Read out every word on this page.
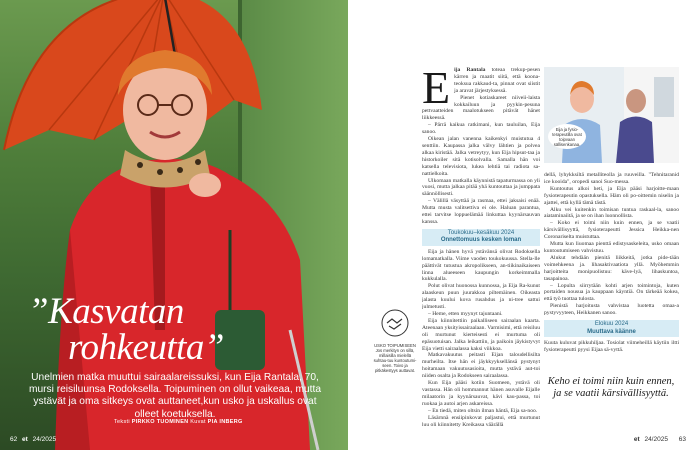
”Kasvatan
rohkeutta”
Unelmien matka muuttui sairaalareissuksi, kun Eija Rantala, 70, mursi reisiluunsa Rodoksella. Toipuminen on ollut vaikeaa, mutta ystävät ja oma sitkeys ovat auttaneet,kun usko ja uskallus ovat olleet koetuksella.
Teksti PIRKKO TUOMINEN Kuvat PIA INBERG
62 et 24/2025
E ija Rantala toteaa trekup-pesen kärren ja maatit siitä, että koona-teoksua rakkaud-ta, pinnat ovat siistit ja aravat järjestyksessä.

Pienet kotiaskareet niiveii-laista kokkailuun ja pyykin-pesuna pettvaatteiden maalotukseen pitävät hänet liikkeessä.

– Pärrä kaikua ratkimani, kun tauluilan, Eija sanoo.

Oikean jalan vanenna kaikenkyi muistutua 4 senttiin. Kaupassa jalka välvy lähtien ja polvea alkaa kiristää. Jalka vetreytyy, kun Eija hipsut-taa ja historkoiler sitä kotisolvalla. Samalla hän voi katsella televisiota, lukea lehtiä tai radiota sa-nattielkoita.

Ulkomaan matkalla käynnistä tapaturmassa on yli vuosi, mutta jalkaa pitää yhä kuntouttaa ja jumppata säännöllisesti.

– Välillä väsyttää ja rasmaa, ettei jaksaisi enää. Mutta musta valitsettiva ei ole. Haluan parantua, ettei tarvitse loppuelämää linkuttaa kyynärsauvan kanssa.

Toukokuu–kesäkuu 2024
Onnettomuus kesken loman

Eija ja hänen hyvä ystävänsä olivat Rodoksella lomamatkalla. Viime vaoden toukokuussa. Stella-lle päättivät tutustua akropolikseen, an-tiikinaikaiseen linna alueeseen kaupungin korkeimmalla kukkulalla.

Polut olivat huonossa kunnossa, ja Eija Ra-kunut alaaskeun puun juurakkoa piltemäinen. Oikeasta jalasta kuului kova rusahdus ja ni-tree sattui julmetusti.

– Heme, etten myynyt tajuntaani.

Eija kiinnitettiin paikalliseen sairaalan kaarta. Ateenaan yksityissairaalaan. Varmisimi, että reisiluu oli murtunut kierteisesti ei murtuma oli epäsuotuisan. Jalka leikattiin, ja paikoin jäykistyvyt Eija vietti sairaalassa kaksi viikkoa.

Matkavakuutus peitasti Eijan taloudellisilta murheilta. Itse hän ei jäykkyyksellänsä pystynyt hoitamaan vakuutusasioita, mutta ystävä aut-toi niiden osalta ja Rodokseen sairaalassa.

Kun Eija pääsi kotiin Suomeen, ystävä oli vastassa. Hän oli hommannut hänen asuvalle Eijalle milaatorin ja kyynärsauvat, kävi kau-passa, toi ruokaa ja autoi arjen askareissa.

– En tiedä, miten oltsin ilman häntä, Eija sa-noo.

Läsärnnä ensiipinkovat paljastui, että murtunut luu oli kiinnitetty Kreikassa väärällä

Eija ja fysio-terapeutilla ovat toipvaan sällisenkanaa.

dellä, lyhykksiltä metalliteolla ja ruuveilla. "Tehnitaranid ice kooida", oropedi sanoi Suo-messa.

Kuntoutus alkoi heti, ja Eija pääsi harjoitte-maan fysioterapeutin opastuksella. Häm oli po-oittemin niselin ja ajattei, että kyllä tämä tästä.

Alku vei kuitenkin toimisan tuntua raskaal-la, sanoo aiataminaiitä, ja se on ihan luonnollista.

– Koko ei toimi niin kuin ennen, ja se vaatii kärsivällisyyttä, fysioterapeutti Jessica Heikka-nen Coronariselta muistuttaa.

Mutta kun liuomaa pienttä edistysaskeleita, usko omaan kuntoutumiseen vahvistuu.

Alukut tehdään pienitä liikkeitä, jotka pide-tään voimehkeena ja. lihasaktivaatiota yllä. Myöhemmin harjoitteita monipuolistuu: käve-lyä, lihaskuntoa, tasapainoa.

– Lopulta siirrytään kohti arjen toimintoja, kuten portaiden nousua ja kauppaan käyntiä. On tärkeää kokea, että työ tuottaa tulosta.

Pienistä harjoitusta vahvistaa luotetta omaa-a pystyvyyteen, Heikkanen sanoo.

Elokuu 2024
Muuttava käänne

Kuuta kuluvat pikkuhiljaa. Tosiolat viimeheillä käytiin iltti fysioterapeutti pyysi Eijaa sä-vyttä.

USKO TOIPUMISEEN Jos merkityn on sillä, millaisilla mielellä suhtau-tuu kuntoutumi-seen. Toivo ja pitkäkestyys auttavat.
Keho ei toimi niin kuin ennen, ja se vaatii kärsivällisyyttä.
et 24/2025 63
